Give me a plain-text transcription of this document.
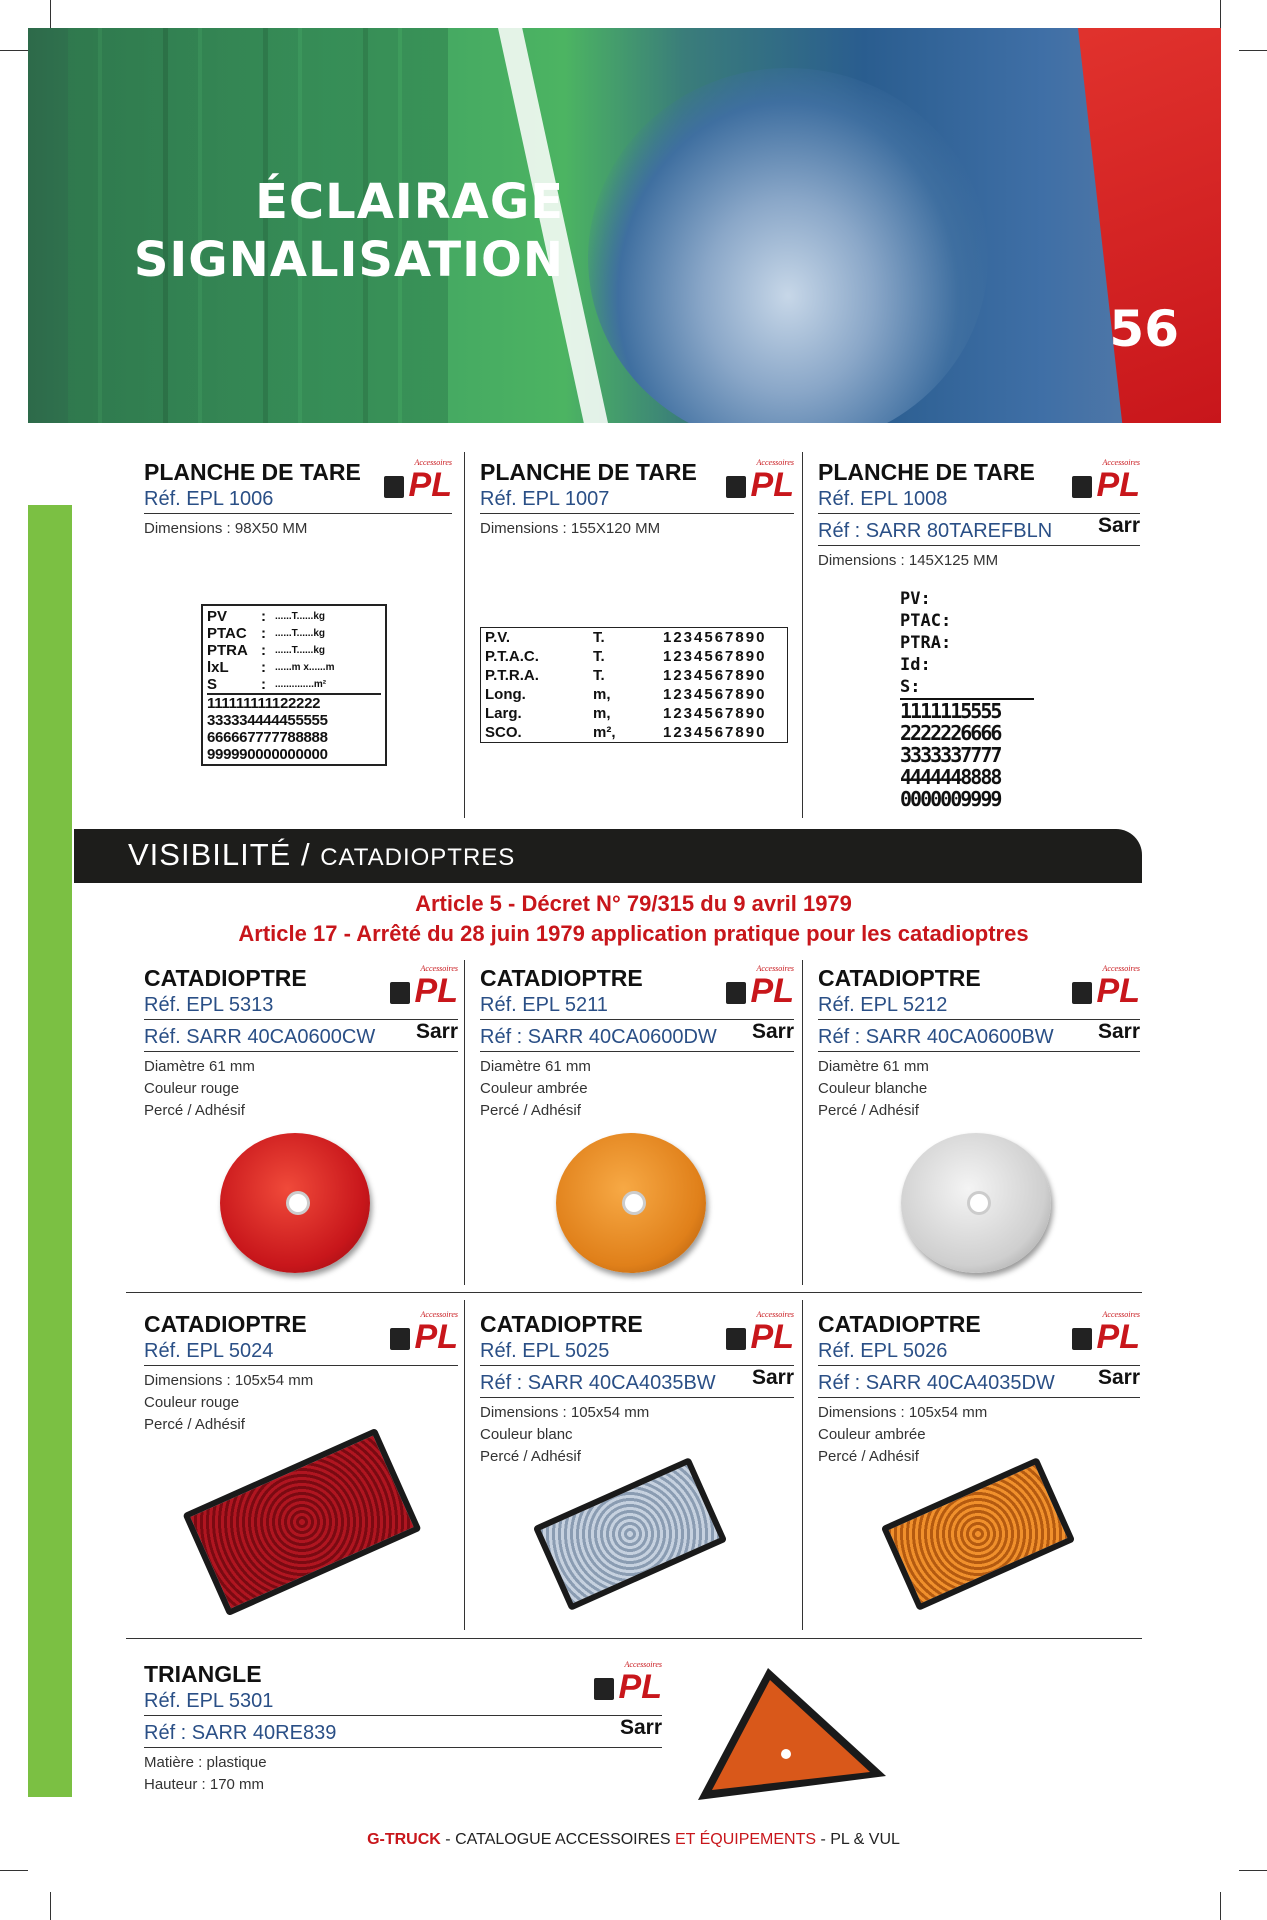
ÉCLAIRAGE
SIGNALISATION
56
Accessoires
PL
PLANCHE DE TARE
Réf. EPL 1006
Dimensions : 98X50 MM
PV	: ......T......kg
PTAC : ......T......kg
PTRA : ......T......kg
lxL	: ......m x......m
S	: ..............m²
111111111122222
333334444455555
666667777788888
999990000000000
Accessoires
PL
PLANCHE DE TARE
Réf. EPL 1007
Dimensions : 155X120 MM
P.V.	T.	1234567890
P.T.A.C.	T.	1234567890
P.T.R.A.	T.	1234567890
Long.	m,	1234567890
Larg.	m,	1234567890
SCO.	m²,	1234567890
Accessoires
PL
PLANCHE DE TARE
Réf. EPL 1008
Réf : SARR 80TAREFBLN Sarr
Dimensions : 145X125 MM
PV:
PTAC:
PTRA:
Id:
S:
1111115555
2222226666
3333337777
4444448888
0000009999
VISIBILITÉ / CATADIOPTRES
Article 5 - Décret N° 79/315 du 9 avril 1979
Article 17 - Arrêté du 28 juin 1979 application pratique pour les catadioptres
Accessoires
PL
CATADIOPTRE
Réf. EPL 5313
Réf. SARR 40CA0600CW Sarr
Diamètre 61 mm
Couleur rouge
Percé / Adhésif
Accessoires
PL
CATADIOPTRE
Réf. EPL 5211
Réf : SARR 40CA0600DW Sarr
Diamètre 61 mm
Couleur ambrée
Percé / Adhésif
Accessoires
PL
CATADIOPTRE
Réf. EPL 5212
Réf : SARR 40CA0600BW Sarr
Diamètre 61 mm
Couleur blanche
Percé / Adhésif
Accessoires
PL
CATADIOPTRE
Réf. EPL 5024
Dimensions : 105x54 mm
Couleur rouge
Percé / Adhésif
Accessoires
PL
CATADIOPTRE
Réf. EPL 5025
Réf : SARR 40CA4035BW Sarr
Dimensions : 105x54 mm
Couleur blanc
Percé / Adhésif
Accessoires
PL
CATADIOPTRE
Réf. EPL 5026
Réf : SARR 40CA4035DW Sarr
Dimensions : 105x54 mm
Couleur ambrée
Percé / Adhésif
Accessoires
PL
TRIANGLE
Réf. EPL 5301
Réf : SARR 40RE839	Sarr
Matière : plastique
Hauteur : 170 mm
G-TRUCK - CATALOGUE ACCESSOIRES ET ÉQUIPEMENTS - PL & VUL
